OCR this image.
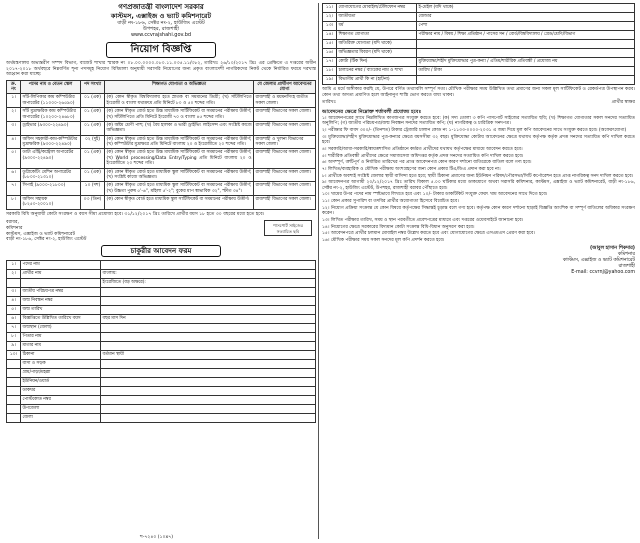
গণপ্রজাতন্ত্রী বাংলাদেশ সরকার
কাস্টমস, এক্সাইজ ও ভ্যাট কমিশনারেট
বাড়ী নং-১৮৬, সেক্টর নং-২, হাউজিং এস্টেট
উপশহর, রাজশাহী
www.ccvrajshahi.gov.bd
নিয়োগ বিজ্ঞপ্তি
অর্থমন্ত্রণালয় অভ্যন্তরীণ সম্পদ বিভাগ, বাজেট শাখার স্মারক নং ০৮.০০.০০০০.০৮০.১১.০৩৫.১১/৩৮২, তারিখঃ ২৬/১০/২০১৭ খ্রিঃ এর প্রেক্ষিতে এ দপ্তরের অধীন ২০১৭-২০১৮ অর্থবছরে নিম্নবর্ণিত শূন্য পদসমূহ নিয়োগ বিধিমালা অনুযায়ী সরাসরি নিয়োগের জন্য প্রকৃত বাংলাদেশী নাগরিকদের নিকট থেকে নির্ধারিত ফরমে দরখাস্ত আহ্বান করা যাচ্ছে:
ক্র. নং	পদের নাম ও বেতন স্কেল	পদ সংখ্যা	শিক্ষাগত যোগ্যতা ও অভিজ্ঞতা	যে জেলার প্রার্থীগণ আবেদনের যোগ্য
১।	সাঁট-লিপিকার কাম কম্পিউটার অপারেটর (১১০০০-২৬৫৯০)	০১ (এক)	(ক) কোন স্বীকৃত বিশ্ববিদ্যালয় হতে স্নাতক বা সমমানের ডিগ্রী; (খ) সাঁটলিপিতে ইংরেজী ও বাংলা যথাক্রমে প্রতি মিনিটে ৮০ ও ৫০ শব্দের গতি।	রাজশাহী ও ময়মনসিংহ ব্যতীত সকল জেলা।
২।	সাঁট মুদ্রাক্ষরিক কাম কম্পিউটার অপারেটর (১০২০০-২৪৬৮০)	০১ (এক)	(ক) কোন স্বীকৃত বোর্ড হতে উচ্চ মাধ্যমিক সার্টিফিকেট বা সমমানের পরীক্ষায় উত্তীর্ণ; (খ) সাঁটলিপিতে প্রতি মিনিটে ইংরেজী ৭০ ও বাংলা ৪৫ শব্দের গতি।	রাজশাহী বিভাগের সকল জেলা।
৩।	ড্রাইভার (৯৩০০-২২৪৯০)	০১ (এক)	(ক) অষ্টম শ্রেণী পাশ; (খ) বৈধ হালকা ও ভারী ড্রাইভিং লাইসেন্স এবং সংশ্লিষ্ট কাজে অভিজ্ঞতা।	রাজশাহী বিভাগের সকল জেলা।
৪।	অফিস সহকারী-কাম-কম্পিউটার মুদ্রাক্ষরিক (৯৩০০-২২৪৯০)	০২ (দুই)	(ক) কোন স্বীকৃত বোর্ড হতে উচ্চ মাধ্যমিক সার্টিফিকেট বা সমমানের পরীক্ষায় উত্তীর্ণ; (খ) কম্পিউটার মুদ্রাক্ষরে প্রতি মিনিটে বাংলায় ২০ ও ইংরেজীতে ২০ শব্দের গতি।	রাজশাহী ও খুলনা বিভাগের সকল জেলা।
৫।	ডাটা এন্ট্রি/কন্ট্রোল অপারেটর (৯৩০০-২২৪৯০)	০১ (এক)	(ক) কোন স্বীকৃত বোর্ড হতে উচ্চ মাধ্যমিক সার্টিফিকেট বা সমমানের পরীক্ষায় উত্তীর্ণ; (খ) World processing/Data Entry/Typing প্রতি মিনিটে বাংলায় ২০ ও ইংরেজীতে ২০ শব্দের গতি।	রাজশাহী বিভাগের সকল জেলা।
৬।	ডুপ্লিকেটিং মেশিন অপারেটর (৮৮০০-২১৩১০)	০১ (এক)	(ক) কোন স্বীকৃত বোর্ড হতে মাধ্যমিক স্কুল সার্টিফিকেট বা সমমানের পরীক্ষায় উত্তীর্ণ; (খ) সংশ্লিষ্ট কাজে অভিজ্ঞতা।	রাজশাহী বিভাগের সকল জেলা।
৭।	সিপাই (৯০০০-২১৮০০)	১০ (দশ)	(ক) কোন স্বীকৃত বোর্ড হতে মাধ্যমিক স্কুল সার্টিফিকেট বা সমমানের পরীক্ষায় উত্তীর্ণ; (খ) উচ্চতা পুরুষ ৫'-৬", মহিলা ৫'-২"; বুকের মাপ স্বাভাবিক ৩২", স্ফীত ৩৪"।	রাজশাহী বিভাগের সকল জেলা।
৮।	অফিস সহায়ক (৮২৫০-২০০১০)	০৩ (তিন)	(ক) কোন স্বীকৃত বোর্ড হতে মাধ্যমিক স্কুল সার্টিফিকেট বা সমমানের পরীক্ষায় উত্তীর্ণ।	রাজশাহী বিভাগের সকল জেলা।
সরকারি বিধি অনুযায়ী কোটা সংরক্ষণ ও বয়স সীমা প্রযোজ্য হবে। ৩১/১২/২০১৭ খ্রিঃ তারিখে প্রার্থীর বয়স ১৮ হতে ৩০ বছরের মধ্যে হতে হবে।
বরাবর,
কমিশনার
কাস্টমস, এক্সাইজ ও ভ্যাট কমিশনারেট
বাড়ী নং-১৮৬, সেক্টর নং-২, হাউজিং এস্টেট
পাসপোর্ট সাইজের সত্যায়িত ছবি
চাকুরীর আবেদন ফরম
১।	পদের নাম	
২।	প্রার্থীর নাম	বাংলায়:
		ইংরেজিতে (বড় অক্ষরে):
৩।	জাতীয় পরিচয়পত্র নম্বর	
৪।	জন্ম নিবন্ধন নম্বর	
৫।	জন্ম তারিখ	
৬।	বিজ্ঞপ্তিতে উল্লিখিত তারিখে বয়স	বছর মাস দিন
৭।	জন্মস্থান (জেলা)	
৮।	পিতার নাম	
৯।	মাতার নাম	
১০।	ঠিকানা	বর্তমান স্থায়ী
	বাসা ও সড়ক	
	গ্রাম/পাড়া/মহল্লা	
	ইউনিয়ন/ওয়ার্ড	
	ডাকঘর	
	পোস্টকোড নম্বর	
	উপজেলা	
	জেলা	
১১।	যোগাযোগের মোবাইল/টেলিফোন নম্বর	ই-মেইল (যদি থাকে)
১২।	জাতীয়তা	জেন্ডার
১৩।	ধর্ম	পেশা
১৪।	শিক্ষাগত যোগ্যতা	পরীক্ষার নাম / বিষয় / শিক্ষা প্রতিষ্ঠান / পাসের সন / বোর্ড/বিশ্ববিদ্যালয় / গ্রেড/শ্রেণি/বিভাগ
১৫।	অতিরিক্ত যোগ্যতা (যদি থাকে)	
১৬।	অভিজ্ঞতার বিবরণ (যদি থাকে)	
১৭।	কোটা (টিক দিন)	মুক্তিযোদ্ধা/শহীদ মুক্তিযোদ্ধার পুত্র-কন্যা / এতিম/শারীরিক প্রতিবন্ধী / প্রযোজ্য নয়
১৮।	চালানের নম্বর / ব্যাংকের নাম ও শাখা	তারিখ / টাকা
১৯।	বিভাগীয় প্রার্থী কি না (হ্যাঁ/না)	
আমি এ মর্মে অঙ্গীকার করছি যে, উপরে বর্ণিত তথ্যাবলি সম্পূর্ণ সত্য। মৌখিক পরীক্ষার সময় উল্লিখিত তথ্য প্রমাণের জন্য সকল মূল সার্টিফিকেট ও রেকর্ডপত্র উপস্থাপন করব। কোন তথ্য অসত্য প্রমাণিত হলে আইনানুগ শাস্তি ভোগ করতে বাধ্য থাকব।
তারিখঃ	প্রার্থীর স্বাক্ষর
আবেদনের ক্ষেত্রে নিম্নোক্ত শর্তাবলী প্রযোজ্য হবেঃ

১। আবেদনপত্রের সাথে নিম্নলিখিত কাগজপত্র সংযুক্ত করতে হবে: (ক) সদ্য তোলা ৩ কপি পাসপোর্ট সাইজের সত্যায়িত ছবি; (খ) শিক্ষাগত যোগ্যতার সকল সনদের সত্যায়িত অনুলিপি; (গ) জাতীয় পরিচয়পত্র/জন্ম নিবন্ধন সনদের সত্যায়িত কপি; (ঘ) নাগরিকত্ব ও চারিত্রিক সনদপত্র।

২। পরীক্ষার ফি বাবদ ৩০০/- (তিনশত) টাকার ট্রেজারি চালান কোড নং ১-১১৩৩-০০০০-২০৩১ এ জমা দিয়ে মূল কপি আবেদনের সাথে সংযুক্ত করতে হবে। (অফেরৎযোগ্য)

৩। মুক্তিযোদ্ধা/শহীদ মুক্তিযোদ্ধার পুত্র-কন্যার ক্ষেত্রে বয়সসীমা ৩২ বছর। মুক্তিযোদ্ধা কোটায় আবেদনের ক্ষেত্রে যথাযথ কর্তৃপক্ষ কর্তৃক প্রদত্ত সনদের সত্যায়িত কপি দাখিল করতে হবে।

৪। সরকারি/আধা-সরকারি/স্বায়ত্তশাসিত প্রতিষ্ঠানে কর্মরত প্রার্থীদের যথাযথ কর্তৃপক্ষের মাধ্যমে আবেদন করতে হবে।

৫। শারীরিক প্রতিবন্ধী প্রার্থীদের ক্ষেত্রে সমাজসেবা অধিদপ্তর কর্তৃক প্রদত্ত সনদের সত্যায়িত কপি দাখিল করতে হবে।

৬। অসম্পূর্ণ, ত্রুটিপূর্ণ ও নির্ধারিত তারিখের পর প্রাপ্ত আবেদনপত্র কোন কারণ দর্শানো ব্যতিরেকে বাতিল বলে গণ্য হবে।

৭। লিখিত/ব্যবহারিক ও মৌখিক পরীক্ষায় অংশগ্রহণের জন্য কোন প্রকার টিএ/ডিএ প্রদান করা হবে না।

৮। প্রার্থীকে অবশ্যই সংশ্লিষ্ট জেলার স্থায়ী বাসিন্দা হতে হবে; স্থায়ী ঠিকানা প্রমাণের জন্য ইউনিয়ন পরিষদ/পৌরসভা/সিটি কর্পোরেশন হতে প্রাপ্ত নাগরিকত্ব সনদ দাখিল করতে হবে।

৯। আবেদনপত্র আগামী ২০/১২/২০১৭ খ্রিঃ তারিখ বিকাল ৫.০০ ঘটিকার মধ্যে ডাকযোগে অথবা সরাসরি কমিশনার, কাস্টমস, এক্সাইজ ও ভ্যাট কমিশনারেট, বাড়ী নং-১৮৬, সেক্টর নং-২, হাউজিং এস্টেট, উপশহর, রাজশাহী বরাবর পৌঁছাতে হবে।

১০। খামের উপর পদের নাম স্পষ্টভাবে লিখতে হবে এবং ১০/- টাকার ডাকটিকিট সংযুক্ত ফেরৎ খাম আবেদনের সাথে দিতে হবে।

১১। কোন প্রকার সুপারিশ বা তদবির প্রার্থীর অযোগ্যতা হিসেবে বিবেচিত হবে।

১২। নিয়োগ প্রক্রিয়া সংক্রান্ত যে কোন বিষয়ে কর্তৃপক্ষের সিদ্ধান্তই চূড়ান্ত বলে গণ্য হবে। কর্তৃপক্ষ কোন কারণ দর্শানো ছাড়াই বিজ্ঞপ্তি আংশিক বা সম্পূর্ণ বাতিলের অধিকার সংরক্ষণ করেন।

১৩। লিখিত পরীক্ষার তারিখ, সময় ও স্থান পরবর্তীতে প্রবেশপত্রের মাধ্যমে এবং দপ্তরের ওয়েবসাইটে জানানো হবে।

১৪। নিয়োগের ক্ষেত্রে সরকারের বিদ্যমান কোটা সংক্রান্ত বিধি-বিধান অনুসরণ করা হবে।

১৫। আবেদনপত্রে প্রার্থীর চলমান মোবাইল নম্বর উল্লেখ করতে হবে এবং যোগাযোগের ক্ষেত্রে এসএমএস প্রেরণ করা হবে।

১৬। মৌখিক পরীক্ষার সময় সকল সনদের মূল কপি প্রদর্শন করতে হবে।

(আবুল হাসান শিকদার)
কমিশনার
কাস্টমস, এক্সাইজ ও ভ্যাট কমিশনারেট
রাজশাহী
E-mail: ccvrnj@yahoo.com
শ-৭২৪০ (১০x৭)
